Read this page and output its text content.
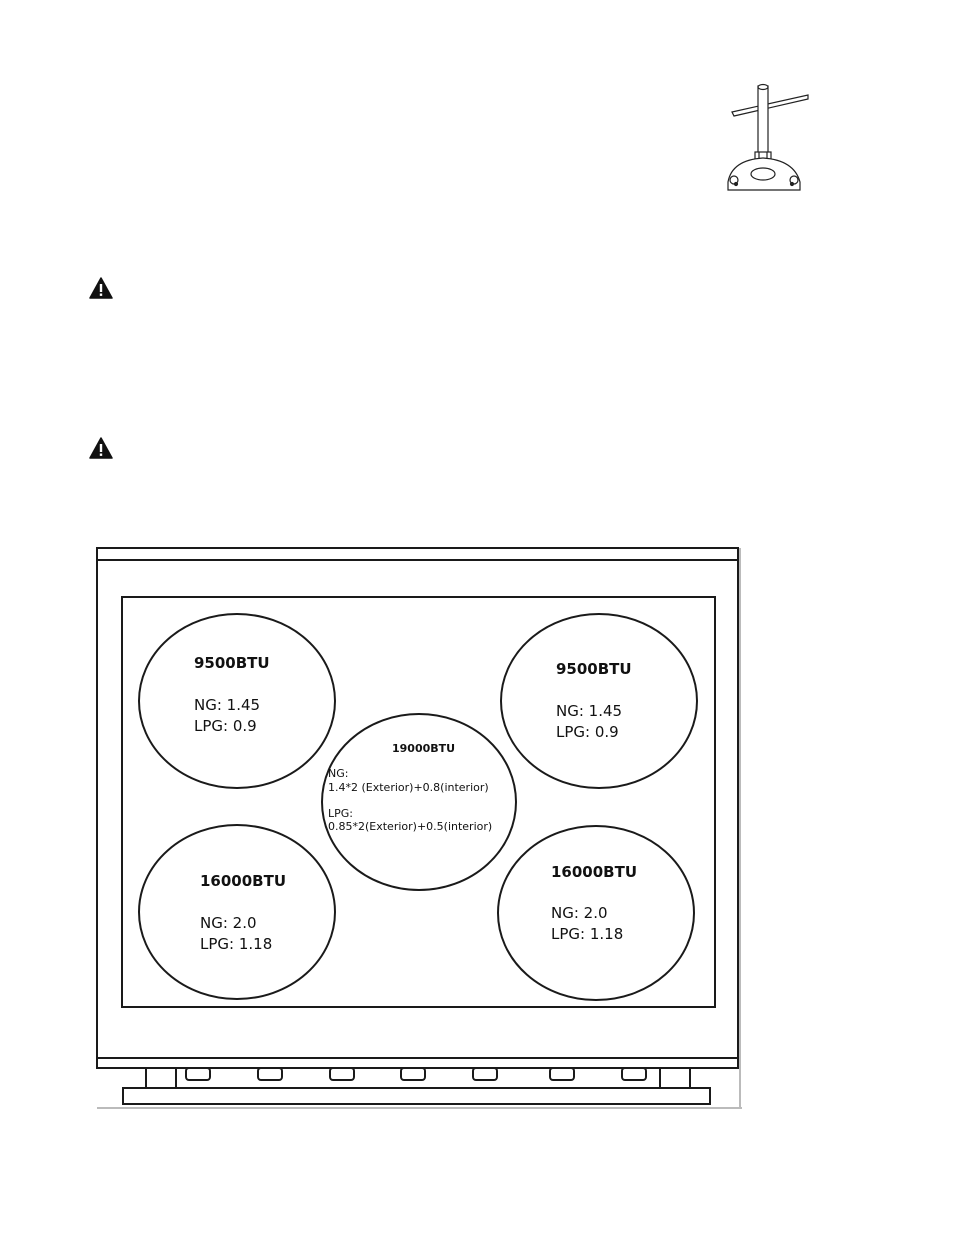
9500BTU
NG: 1.45
LPG: 0.9
9500BTU
NG: 1.45
LPG: 0.9
16000BTU
NG: 2.0
LPG: 1.18
16000BTU
NG: 2.0
LPG: 1.18
19000BTU
NG:
1.4*2 (Exterior)+0.8(interior)
LPG:
0.85*2(Exterior)+0.5(interior)
